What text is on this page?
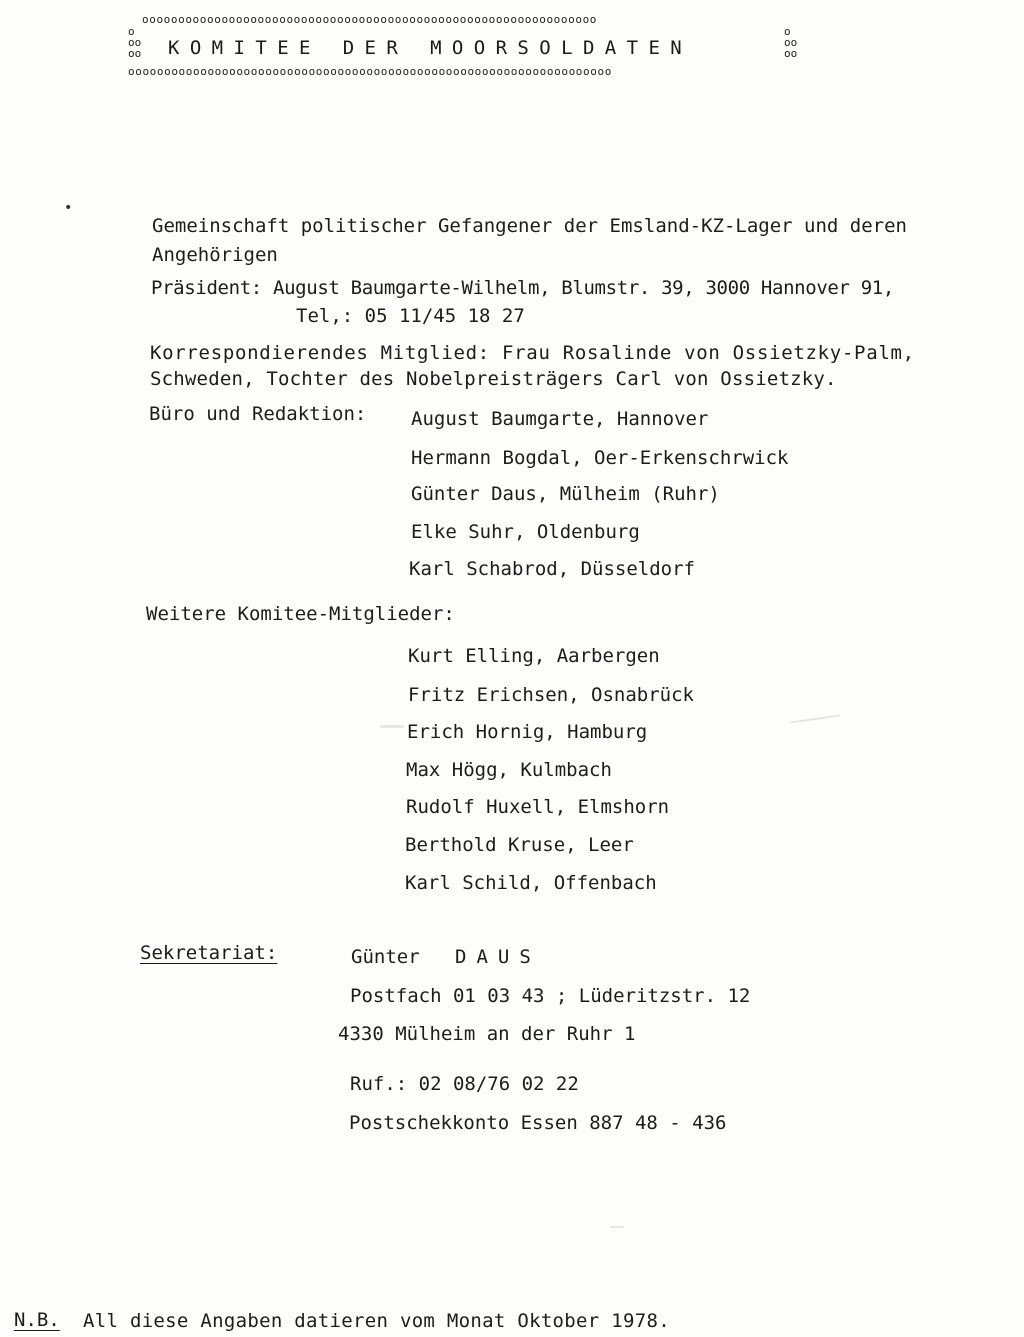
ooooooooooooooooooooooooooooooooooooooooooooooooooooooooooooooo
o
oo
oo KOMITEE DER MOORSOLDATEN
o
oo
oo
ooooooooooooooooooooooooooooooooooooooooooooooooooooooooooooooooooo
•
Gemeinschaft politischer Gefangener der Emsland-KZ-Lager und deren
Angehörigen
Präsident: August Baumgarte-Wilhelm, Blumstr. 39, 3000 Hannover 91,
Tel,: 05 11/45 18 27
Korrespondierendes Mitglied: Frau Rosalinde von Ossietzky-Palm,
Schweden, Tochter des Nobelpreisträgers Carl von Ossietzky.
Büro und Redaktion: August Baumgarte, Hannover
Hermann Bogdal, Oer-Erkenschrwick
Günter Daus, Mülheim (Ruhr)
Elke Suhr, Oldenburg
Karl Schabrod, Düsseldorf
Weitere Komitee-Mitglieder:
Kurt Elling, Aarbergen
Fritz Erichsen, Osnabrück
Erich Hornig, Hamburg
Max Högg, Kulmbach
Rudolf Huxell, Elmshorn
Berthold Kruse, Leer
Karl Schild, Offenbach
Sekretariat:	Günter DAUS
Postfach 01 03 43 ; Lüderitzstr. 12
4330 Mülheim an der Ruhr 1
Ruf.: 02 08/76 02 22
Postschekkonto Essen 887 48 - 436
N.B. All diese Angaben datieren vom Monat Oktober 1978.
